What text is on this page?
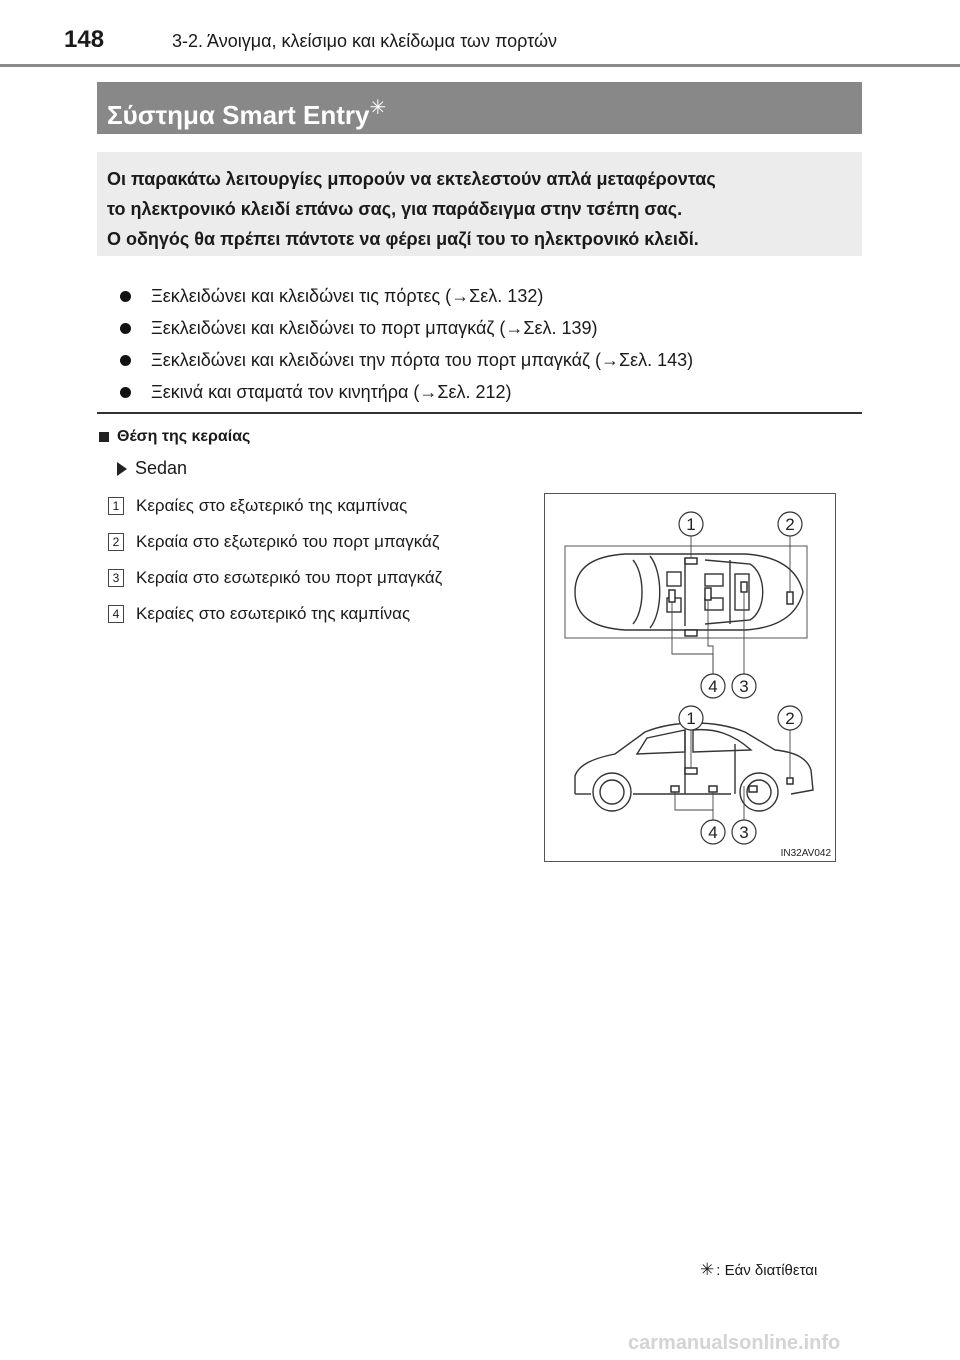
148	3-2. Άνοιγμα, κλείσιμο και κλείδωμα των πορτών
Σύστημα Smart Entry✳
Οι παρακάτω λειτουργίες μπορούν να εκτελεστούν απλά μεταφέροντας
το ηλεκτρονικό κλειδί επάνω σας, για παράδειγμα στην τσέπη σας.
Ο οδηγός θα πρέπει πάντοτε να φέρει μαζί του το ηλεκτρονικό κλειδί.
Ξεκλειδώνει και κλειδώνει τις πόρτες (→Σελ. 132)
Ξεκλειδώνει και κλειδώνει το πορτ μπαγκάζ (→Σελ. 139)
Ξεκλειδώνει και κλειδώνει την πόρτα του πορτ μπαγκάζ (→Σελ. 143)
Ξεκινά και σταματά τον κινητήρα (→Σελ. 212)
Θέση της κεραίας
Sedan
1 Κεραίες στο εξωτερικό της καμπίνας
2 Κεραία στο εξωτερικό του πορτ μπαγκάζ
3 Κεραία στο εσωτερικό του πορτ μπαγκάζ
4 Κεραίες στο εσωτερικό της καμπίνας
1	2
4 3
1	2
4 3
IN32AV042
✳ : Εάν διατίθεται
carmanualsonline.info
